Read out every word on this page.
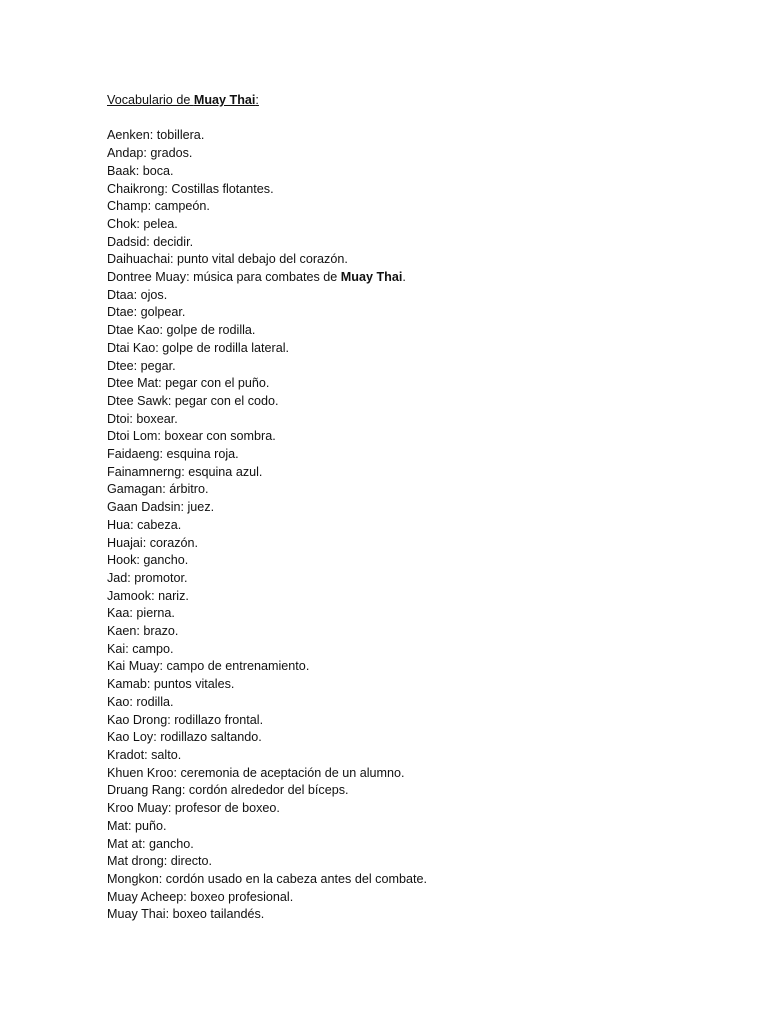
Vocabulario de Muay Thai:
Aenken: tobillera.
Andap: grados.
Baak: boca.
Chaikrong: Costillas flotantes.
Champ: campeón.
Chok: pelea.
Dadsid: decidir.
Daihuachai: punto vital debajo del corazón.
Dontree Muay: música para combates de Muay Thai.
Dtaa: ojos.
Dtae: golpear.
Dtae Kao: golpe de rodilla.
Dtai Kao: golpe de rodilla lateral.
Dtee: pegar.
Dtee Mat: pegar con el puño.
Dtee Sawk: pegar con el codo.
Dtoi: boxear.
Dtoi Lom: boxear con sombra.
Faidaeng: esquina roja.
Fainamnerng: esquina azul.
Gamagan: árbitro.
Gaan Dadsin: juez.
Hua: cabeza.
Huajai: corazón.
Hook: gancho.
Jad: promotor.
Jamook: nariz.
Kaa: pierna.
Kaen: brazo.
Kai: campo.
Kai Muay: campo de entrenamiento.
Kamab: puntos vitales.
Kao: rodilla.
Kao Drong: rodillazo frontal.
Kao Loy: rodillazo saltando.
Kradot: salto.
Khuen Kroo: ceremonia de aceptación de un alumno.
Druang Rang: cordón alrededor del bíceps.
Kroo Muay: profesor de boxeo.
Mat: puño.
Mat at: gancho.
Mat drong: directo.
Mongkon: cordón usado en la cabeza antes del combate.
Muay Acheep: boxeo profesional.
Muay Thai: boxeo tailandés.
